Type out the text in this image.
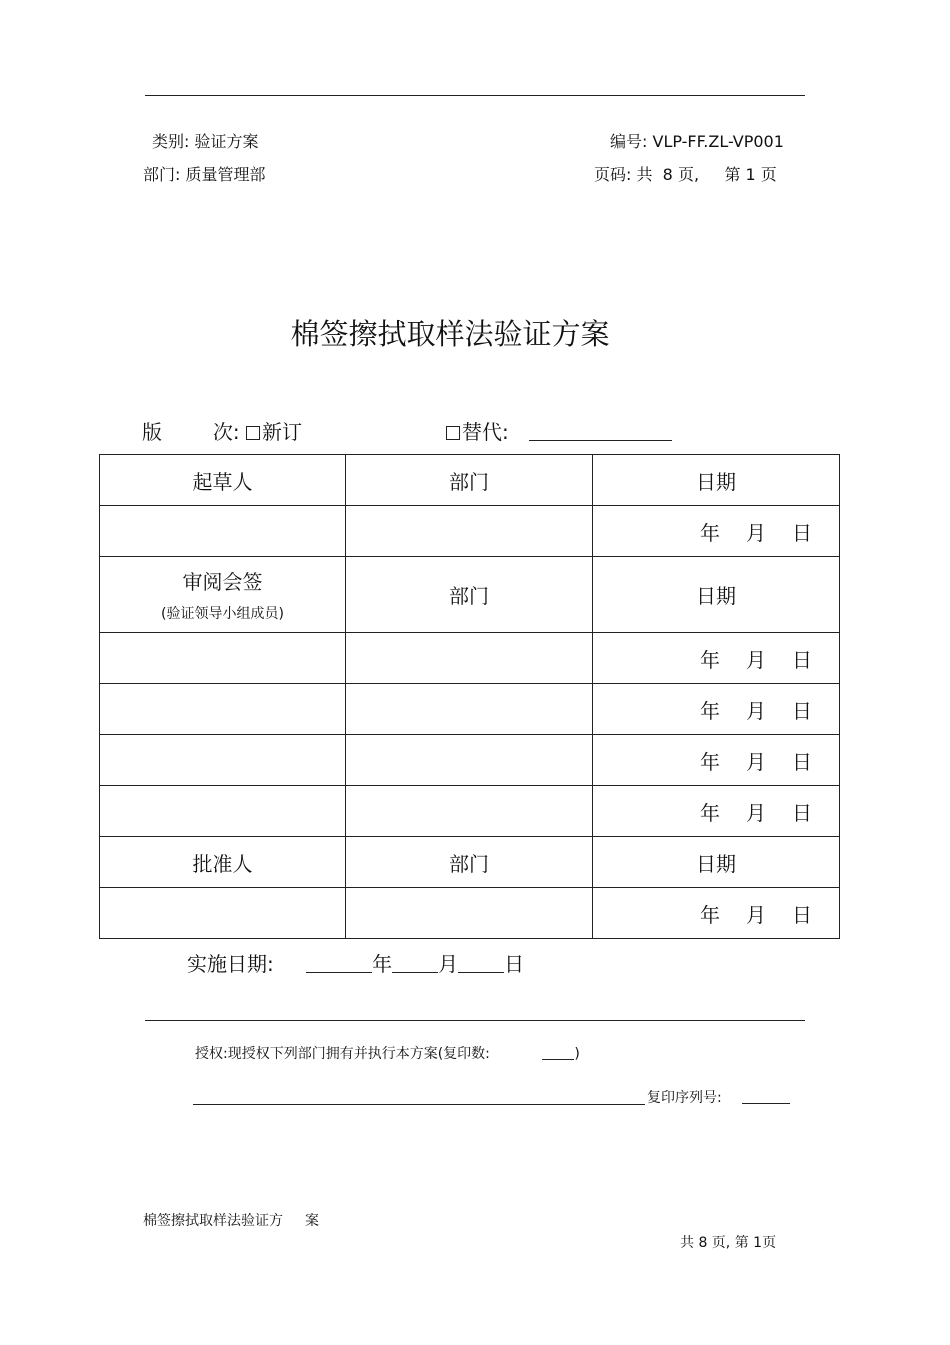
类别: 验证方案	编号: VLP-FF.ZL-VP001
部门: 质量管理部	页码: 共  8 页,     第 1 页
棉签擦拭取样法验证方案
版        次: 新订	替代:
起草人	部门	日期
		年 月 日
审阅会签
(验证领导小组成员)	部门	日期
		年 月 日
		年 月 日
		年 月 日
		年 月 日
批准人	部门	日期
		年 月 日
实施日期:	年 月 日
授权:现授权下列部门拥有并执行本方案(复印数:	)
复印序列号:
棉签擦拭取样法验证方 案
共 8 页, 第 1页
